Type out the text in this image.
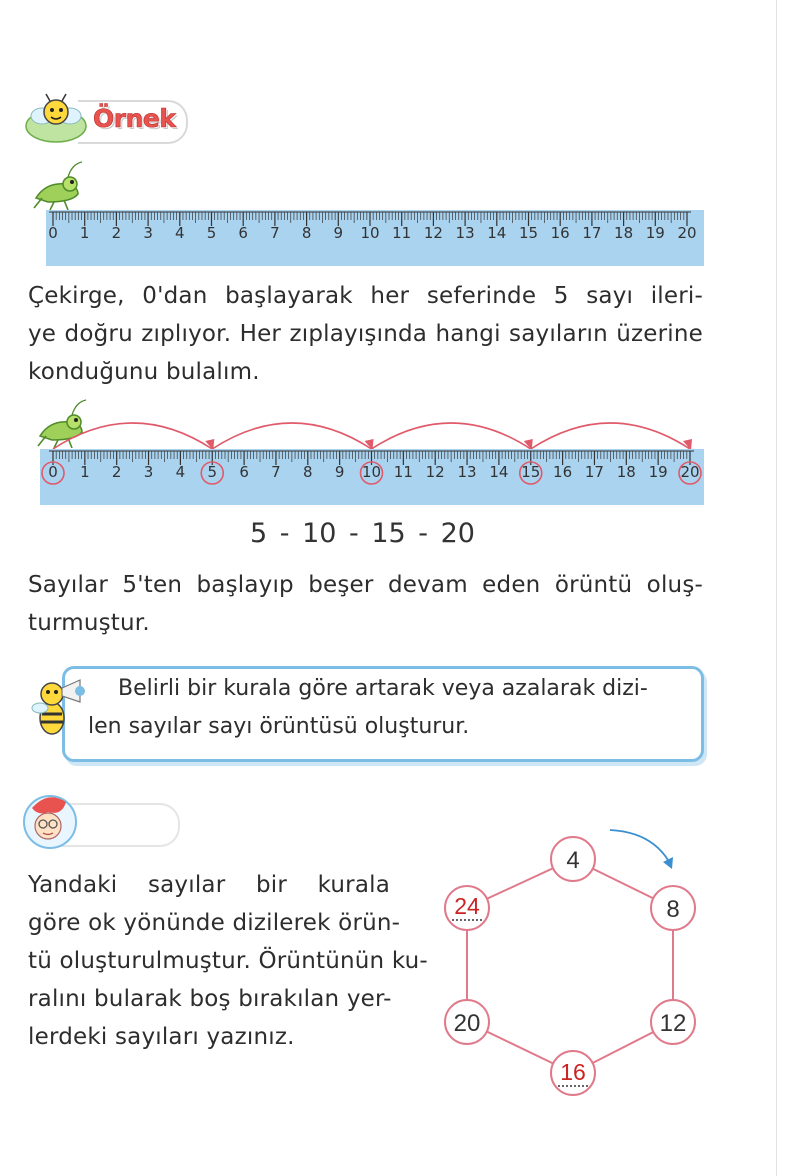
Örnek
0 1 2 3 4 5 6 7 8 9 10 11 12 13 14 15 16 17 18 19 20
Çekirge, 0'dan başlayarak her seferinde 5 sayı ileri-
ye doğru zıplıyor. Her zıplayışında hangi sayıların üzerine
konduğunu bulalım.
0 1 2 3 4 5 6 7 8 9 10 11 12 13 14 15 16 17 18 19 20
5 - 10 - 15 - 20
Sayılar 5'ten başlayıp beşer devam eden örüntü oluş-
turmuştur.
Belirli bir kurala göre artarak veya azalarak dizi-
len sayılar sayı örüntüsü oluşturur.
Yandaki sayılar bir kurala
göre ok yönünde dizilerek örün-
tü oluşturulmuştur. Örüntünün ku-
ralını bularak boş bırakılan yer-
lerdeki sayıları yazınız.
4
8
12
16
20
24
